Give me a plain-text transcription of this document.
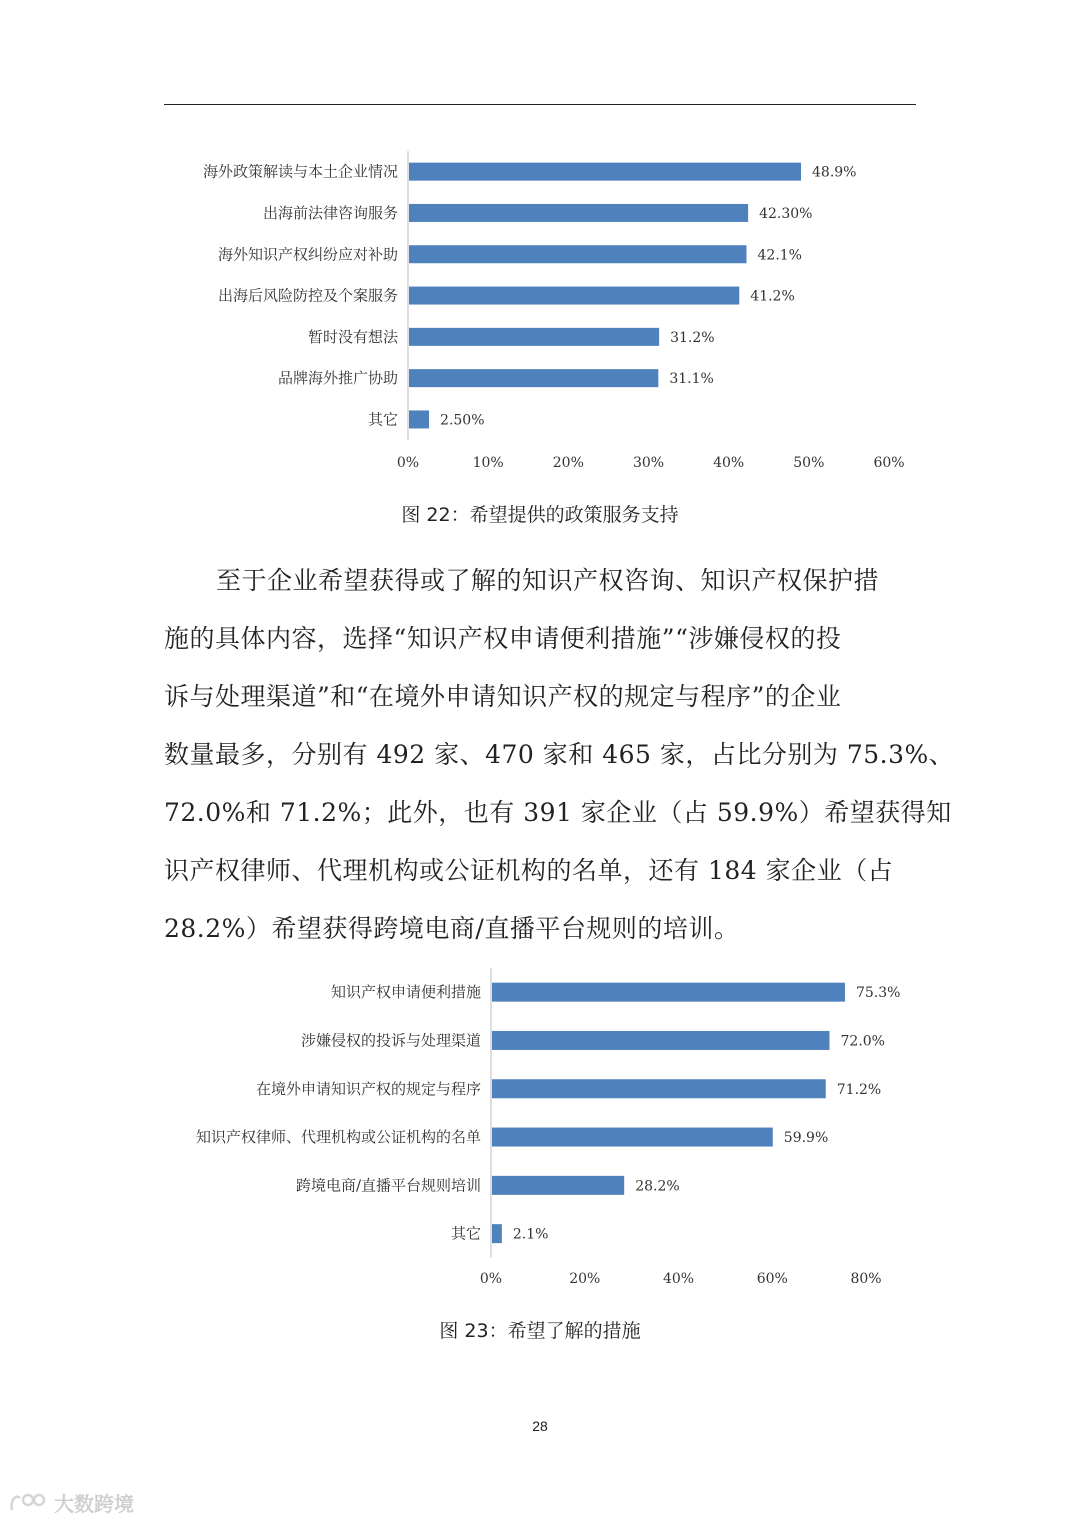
海外政策解读与本土企业情况	48.9%
出海前法律咨询服务	42.30%
海外知识产权纠纷应对补助	42.1%
出海后风险防控及个案服务	41.2%
暂时没有想法	31.2%
品牌海外推广协助	31.1%
其它	2.50%
0%	10%	20%	30%	40%	50%	60%
图 22：希望提供的政策服务支持
至于企业希望获得或了解的知识产权咨询、知识产权保护措
施的具体内容，选择“知识产权申请便利措施”“涉嫌侵权的投
诉与处理渠道”和“在境外申请知识产权的规定与程序”的企业
数量最多，分别有 492 家、470 家和 465 家，占比分别为 75.3%、
72.0%和 71.2%；此外，也有 391 家企业（占 59.9%）希望获得知
识产权律师、代理机构或公证机构的名单，还有 184 家企业（占
28.2%）希望获得跨境电商/直播平台规则的培训。
知识产权申请便利措施	75.3%
涉嫌侵权的投诉与处理渠道	72.0%
在境外申请知识产权的规定与程序	71.2%
知识产权律师、代理机构或公证机构的名单	59.9%
跨境电商/直播平台规则培训	28.2%
其它 2.1%
0%	20%	40%	60%	80%
图 23：希望了解的措施
28
大数跨境
